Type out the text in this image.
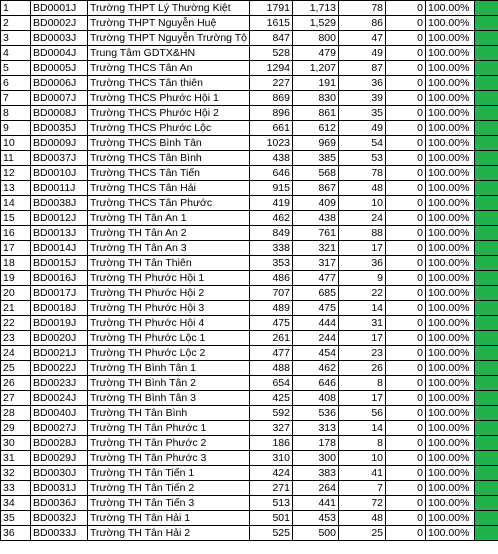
1	BD0001J	Trường THPT Lý Thường Kiệt	1791	1,713	78	0	100.00%	
2	BD0002J	Trường THPT Nguyễn Huệ	1615	1,529	86	0	100.00%	
3	BD0003J	Trường THPT Nguyễn Trường Tộ	847	800	47	0	100.00%	
4	BD0004J	Trung Tâm GDTX&HN	528	479	49	0	100.00%	
5	BD0005J	Trường THCS Tân An	1294	1,207	87	0	100.00%	
6	BD0006J	Trường THCS Tân thiên	227	191	36	0	100.00%	
7	BD0007J	Trường THCS Phước Hội 1	869	830	39	0	100.00%	
8	BD0008J	Trường THCS Phước Hội 2	896	861	35	0	100.00%	
9	BD0035J	Trường THCS Phước Lộc	661	612	49	0	100.00%	
10	BD0009J	Trường THCS Bình Tân	1023	969	54	0	100.00%	
11	BD0037J	Trường THCS Tân Bình	438	385	53	0	100.00%	
12	BD0010J	Trường THCS Tân Tiến	646	568	78	0	100.00%	
13	BD0011J	Trường THCS Tân Hải	915	867	48	0	100.00%	
14	BD0038J	Trường THCS Tân Phước	419	409	10	0	100.00%	
15	BD0012J	Trường TH Tân An 1	462	438	24	0	100.00%	
16	BD0013J	Trường TH Tân An 2	849	761	88	0	100.00%	
17	BD0014J	Trường TH Tân An 3	338	321	17	0	100.00%	
18	BD0015J	Trường TH Tân Thiên	353	317	36	0	100.00%	
19	BD0016J	Trường TH Phước Hội 1	486	477	9	0	100.00%	
20	BD0017J	Trường TH Phước Hội 2	707	685	22	0	100.00%	
21	BD0018J	Trường TH Phước Hội 3	489	475	14	0	100.00%	
22	BD0019J	Trường TH Phước Hội 4	475	444	31	0	100.00%	
23	BD0020J	Trường TH Phước Lộc 1	261	244	17	0	100.00%	
24	BD0021J	Trường TH Phước Lộc 2	477	454	23	0	100.00%	
25	BD0022J	Trường TH Bình Tân 1	488	462	26	0	100.00%	
26	BD0023J	Trường TH Bình Tân 2	654	646	8	0	100.00%	
27	BD0024J	Trường TH Bình Tân 3	425	408	17	0	100.00%	
28	BD0040J	Trường TH Tân Bình	592	536	56	0	100.00%	
29	BD0027J	Trường TH Tân Phước 1	327	313	14	0	100.00%	
30	BD0028J	Trường TH Tân Phước 2	186	178	8	0	100.00%	
31	BD0029J	Trường TH Tân Phước 3	310	300	10	0	100.00%	
32	BD0030J	Trường TH Tân Tiến 1	424	383	41	0	100.00%	
33	BD0031J	Trường TH Tân Tiến 2	271	264	7	0	100.00%	
34	BD0036J	Trường TH Tân Tiến 3	513	441	72	0	100.00%	
35	BD0032J	Trường TH Tân Hải 1	501	453	48	0	100.00%	
36	BD0033J	Trường TH Tân Hải 2	525	500	25	0	100.00%	
